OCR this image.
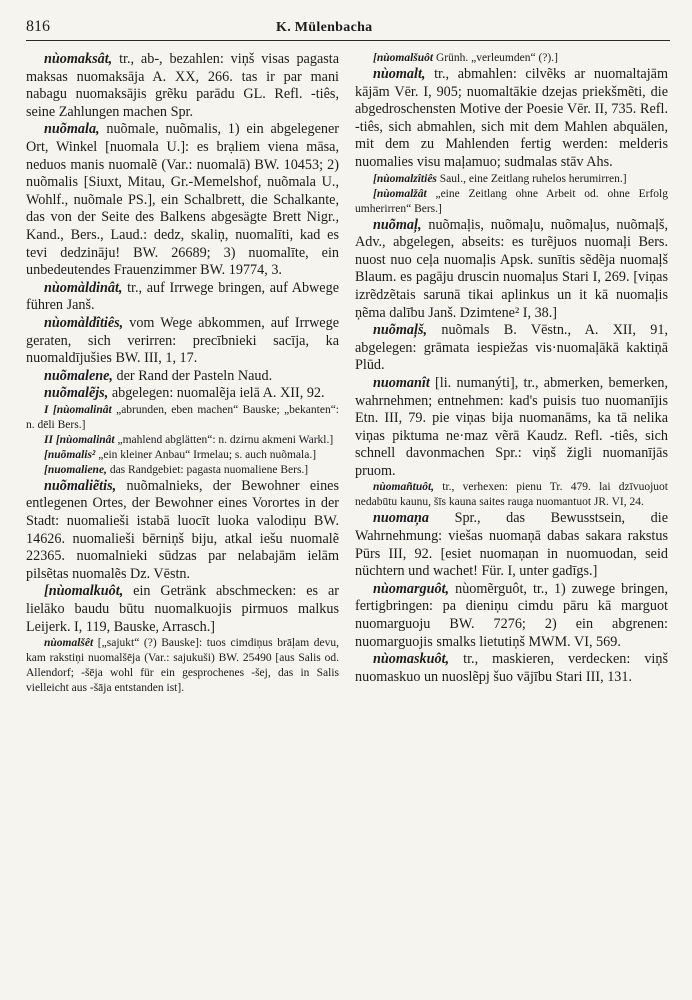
816	K. Mülenbacha
nùomaksât, tr., ab-, bezahlen: viņš visas pagasta maksas nuomaksāja A. XX, 266. tas ir par mani nabagu nuomaksājis grẽku parādu GL. Refl. -tiês, seine Zahlungen machen Spr.
nuõmala, nuõmale, nuõmalis, 1) ein abgelegener Ort, Winkel [nuomala U.]: es brạliem viena māsa, neduos manis nuomalẽ (Var.: nuomalā) BW. 10453; 2) nuõmalis [Siuxt, Mitau, Gr.-Memelshof, nuõmala U., Wohlf., nuõmale PS.], ein Schalbrett, die Schalkante, das von der Seite des Balkens abgesägte Brett Nigr., Kand., Bers., Laud.: dedz, skaliņ, nuomalīti, kad es tevi dedzināju! BW. 26689; 3) nuomalīte, ein unbedeutendes Frauenzimmer BW. 19774, 3.
nùomàldinât, tr., auf Irrwege bringen, auf Abwege führen Janš.
nùomàldîtiês, vom Wege abkommen, auf Irrwege geraten, sich verirren: precībnieki sacīja, ka nuomaldījušies BW. III, 1, 17.
nuõmalene, der Rand der Pasteln Naud.
nuõmalẽjs, abgelegen: nuomalẽja ielā A. XII, 92.
I [nùomalinât „abrunden, eben machen“ Bauske; „bekanten“: n. dēli Bers.]
II [nùomalinât „mahlend abglätten“: n. dzirnu akmeni Warkl.]
[nuõmalis² „ein kleiner Anbau“ Irmelau; s. auch nuõmala.]
[nuomaliene, das Randgebiet: pagasta nuomaliene Bers.]
nuõmaliẽtis, nuõmalnieks, der Bewohner eines entlegenen Ortes, der Bewohner eines Vorortes in der Stadt: nuomalieši istabā luocīt luoka valodiņu BW. 14626. nuomalieši bērniņš biju, atkal iešu nuomalẽ 22365. nuomalnieki sūdzas par nelabajām ielām pilsẽtas nuomalẽs Dz. Vēstn.
[nùomalkuôt, ein Getränk abschmecken: es ar lielāko baudu būtu nuomalkuojis pirmuos malkus Leijerk. I, 119, Bauske, Arrasch.]
nùomalšêt [„sajukt“ (?) Bauske]: tuos cimdiņus brāļam devu, kam rakstiņi nuomalšēja (Var.: sajukuši) BW. 25490 [aus Salis od. Allendorf; -šēja wohl für ein gesprochenes -šej, das in Salis vielleicht aus -šāja entstanden ist].
[nùomalšuôt Grünh. „verleumden“ (?).]
nùomalt, tr., abmahlen: cilvẽks ar nuomaltajām kājām Vēr. I, 905; nuomaltākie dzejas priekšmẽti, die abgedroschensten Motive der Poesie Vēr. II, 735. Refl. -tiês, sich abmahlen, sich mit dem Mahlen abquälen, mit dem zu Mahlenden fertig werden: melderis nuomalies visu maļamuo; sudmalas stāv Ahs.
[nùomalzîtiês Saul., eine Zeitlang ruhelos herumirren.]
[nùomalžât „eine Zeitlang ohne Arbeit od. ohne Erfolg umherirren“ Bers.]
nuõmaļ, nuõmaļis, nuõmaļu, nuõmaļus, nuõmaļš, Adv., abgelegen, abseits: es turẽjuos nuomaļi Bers. nuost nuo ceļa nuomaļis Apsk. sunītis sẽdẽja nuomaļš Blaum. es pagāju druscin nuomaļus Stari I, 269. [viņas izrẽdzẽtais sarunā tikai aplinkus un it kā nuomaļis ņẽma dalību Janš. Dzimtene² I, 38.]
nuõmaļš, nuõmals B. Vēstn., A. XII, 91, abgelegen: grāmata iespiežas vis·nuomaļākā kaktiņā Plūd.
nuomanît [li. numanýti], tr., abmerken, bemerken, wahrnehmen; entnehmen: kad's puisis tuo nuomanījis Etn. III, 79. pie viņas bija nuomanāms, ka tā nelika viņas piktuma ne·maz vẽrā Kaudz. Refl. -tiês, sich schnell davonmachen Spr.: viņš žigli nuomanījās pruom.
nùomañtuôt, tr., verhexen: pienu Tr. 479. lai dzīvuojuot nedabūtu kaunu, šīs kauna saites rauga nuomantuot JR. VI, 24.
nuomaņa Spr., das Bewusstsein, die Wahrnehmung: viešas nuomaņā dabas sakara rakstus Pūrs III, 92. [esiet nuomaņan in nuomuodan, seid nüchtern und wachet! Für. I, unter gadīgs.]
nùomarguôt, nùomẽrguôt, tr., 1) zuwege bringen, fertigbringen: pa dieniņu cimdu pāru kā marguot nuomarguoju BW. 7276; 2) ein abgrenen: nuomarguojis smalks lietutiņš MWM. VI, 569.
nùomaskuôt, tr., maskieren, verdecken: viņš nuomaskuo un nuoslẽpj šuo vājību Stari III, 131.
